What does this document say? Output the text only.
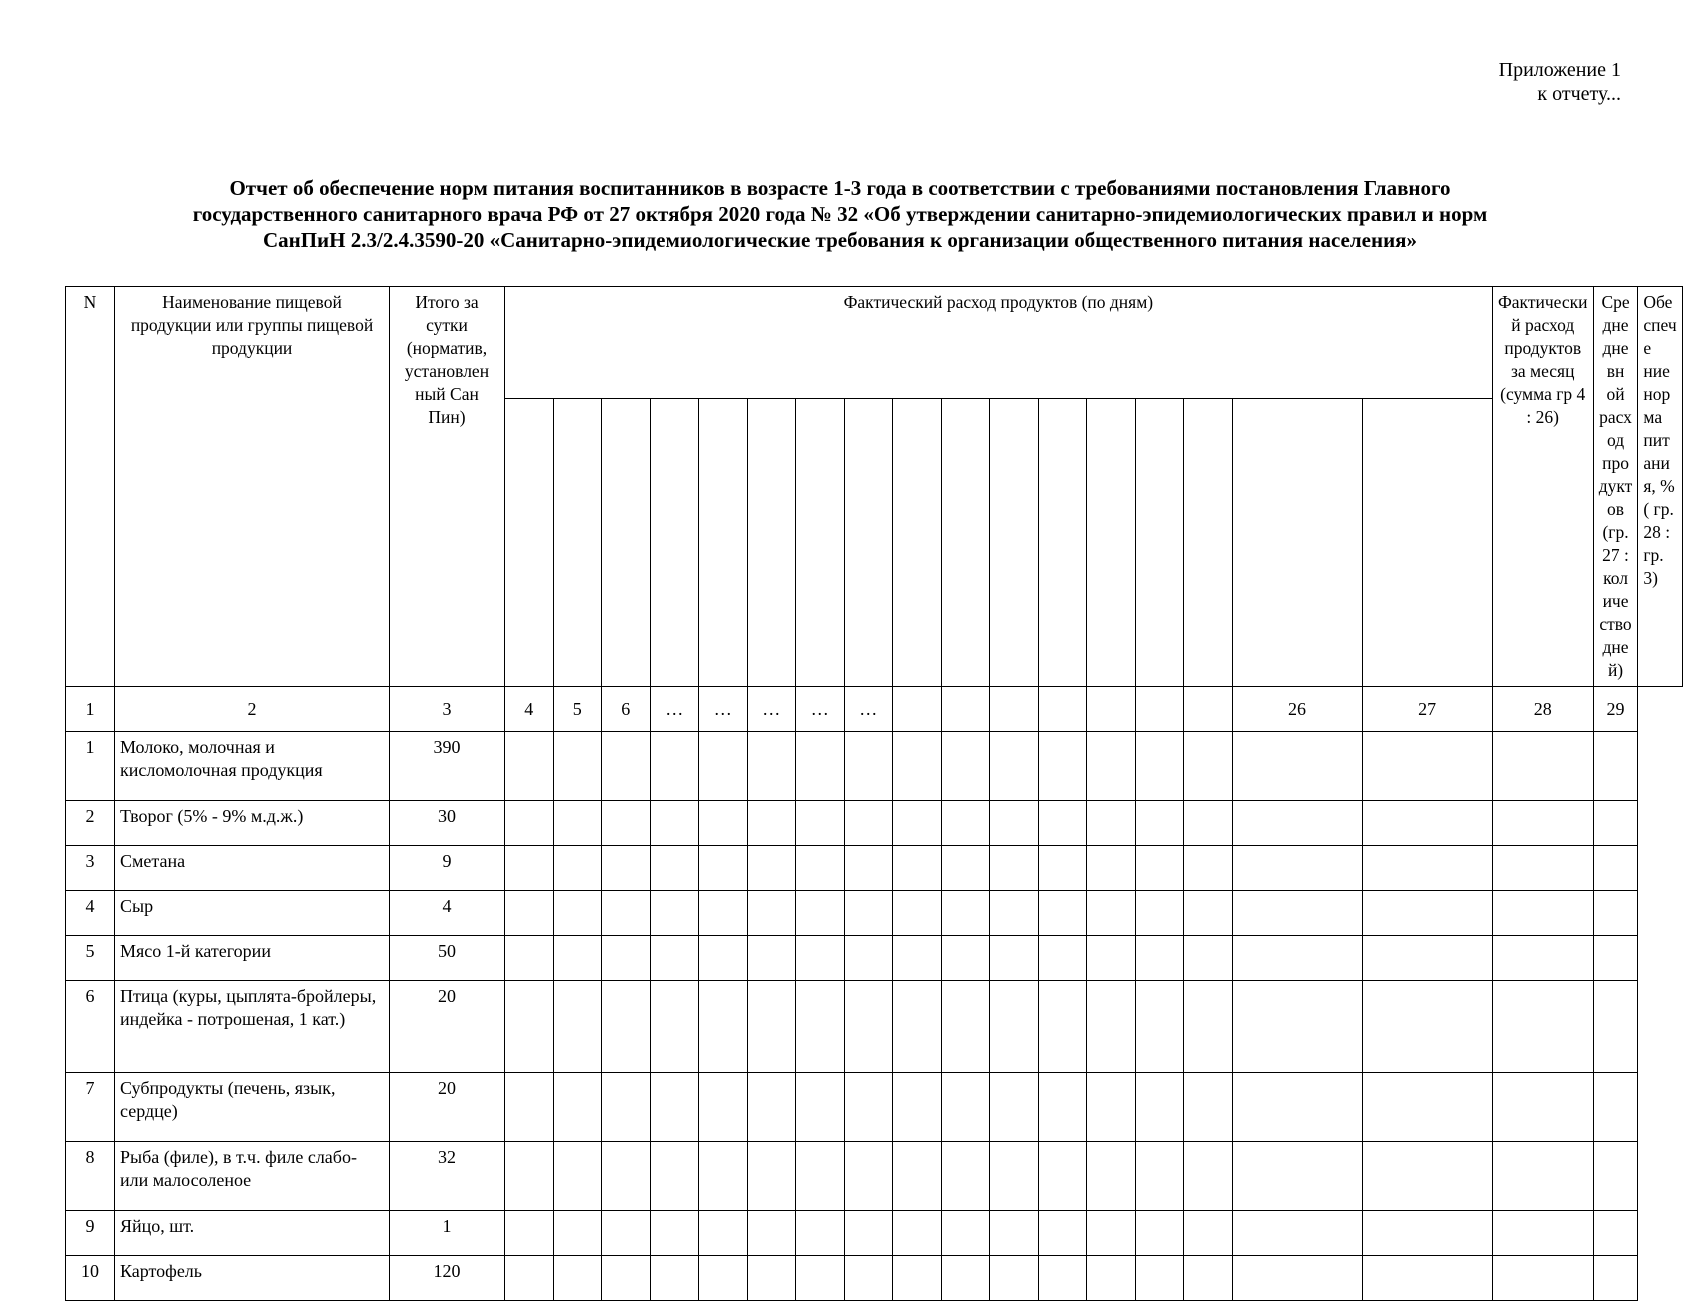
Приложение 1
к отчету...
Отчет об обеспечение норм питания воспитанников в возрасте 1-3 года в соответствии с требованиями постановления Главного
государственного санитарного врача РФ от 27 октября 2020 года № 32 «Об утверждении санитарно-эпидемиологических правил и норм
СанПиН 2.3/2.4.3590-20 «Санитарно-эпидемиологические требования к организации общественного питания населения»
N	Наименование пищевой продукции или группы пищевой продукции	Итого за сутки (норматив, установлен ный Сан Пин)	Фактический расход продуктов (по дням)																	Фактический расход продуктов за месяц (сумма гр 4 : 26)	Среднедневн ой расход продуктов (гр. 27 : количество дней)	Обеспече ние норма питания, % ( гр. 28 : гр. 3)

1	2	3	4	5	6	…	…	…	…	…								26	27	28	29	
1	Молоко, молочная и кисломолочная продукция	390																				
2	Творог (5% - 9% м.д.ж.)	30																				
3	Сметана	9																				
4	Сыр	4																				
5	Мясо 1-й категории	50																				
6	Птица (куры, цыплята-бройлеры, индейка - потрошеная, 1 кат.)	20																				
7	Субпродукты (печень, язык, сердце)	20																				
8	Рыба (филе), в т.ч. филе слабо- или малосоленое	32																				
9	Яйцо, шт.	1																				
10	Картофель	120																				
